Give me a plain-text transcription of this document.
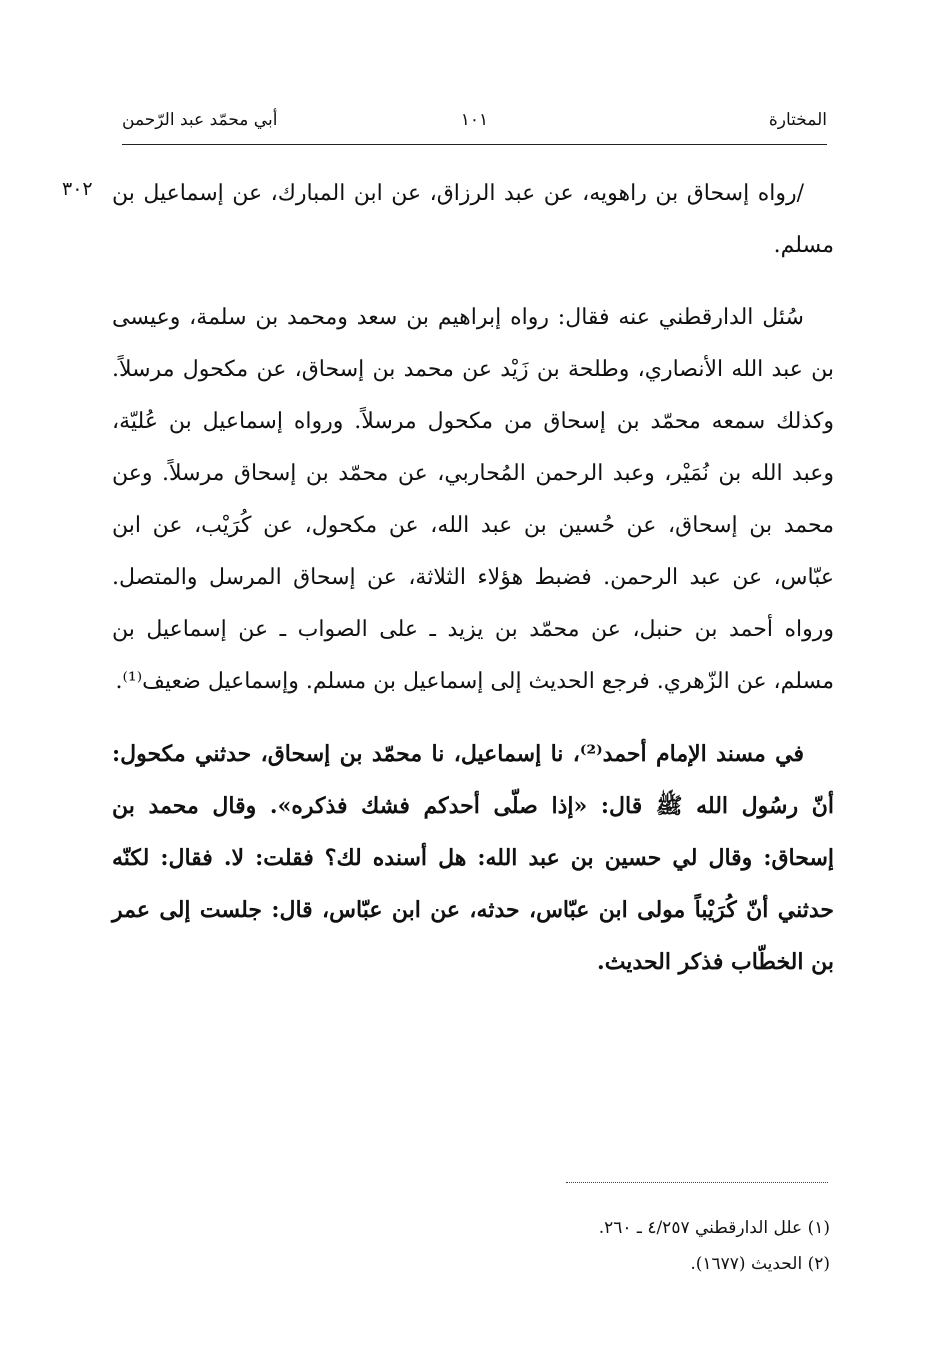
المختارة
١٠١
أبي محمّد عبد الرّحمن
٣٠٢ /رواه إسحاق بن راهويه، عن عبد الرزاق، عن ابن المبارك، عن إسماعيل بن مسلم.

سُئل الدارقطني عنه فقال: رواه إبراهيم بن سعد ومحمد بن سلمة، وعيسى بن عبد الله الأنصاري، وطلحة بن زَيْد عن محمد بن إسحاق، عن مكحول مرسلاً. وكذلك سمعه محمّد بن إسحاق من مكحول مرسلاً. ورواه إسماعيل بن عُليّة، وعبد الله بن نُمَيْر، وعبد الرحمن المُحاربي، عن محمّد بن إسحاق مرسلاً. وعن محمد بن إسحاق، عن حُسين بن عبد الله، عن مكحول، عن كُرَيْب، عن ابن عبّاس، عن عبد الرحمن. فضبط هؤلاء الثلاثة، عن إسحاق المرسل والمتصل. ورواه أحمد بن حنبل، عن محمّد بن يزيد ـ على الصواب ـ عن إسماعيل بن مسلم، عن الزّهري. فرجع الحديث إلى إسماعيل بن مسلم. وإسماعيل ضعيف⁽¹⁾.

في مسند الإمام أحمد⁽²⁾، نا إسماعيل، نا محمّد بن إسحاق، حدثني مكحول: أنّ رسُول الله ﷺ قال: «إذا صلّى أحدكم فشك فذكره». وقال محمد بن إسحاق: وقال لي حسين بن عبد الله: هل أسنده لك؟ فقلت: لا. فقال: لكنّه حدثني أنّ كُرَيْباً مولى ابن عبّاس، حدثه، عن ابن عبّاس، قال: جلست إلى عمر بن الخطّاب فذكر الحديث.

(١) علل الدارقطني ٤/٢٥٧ ـ ٢٦٠.

(٢) الحديث (١٦٧٧).
